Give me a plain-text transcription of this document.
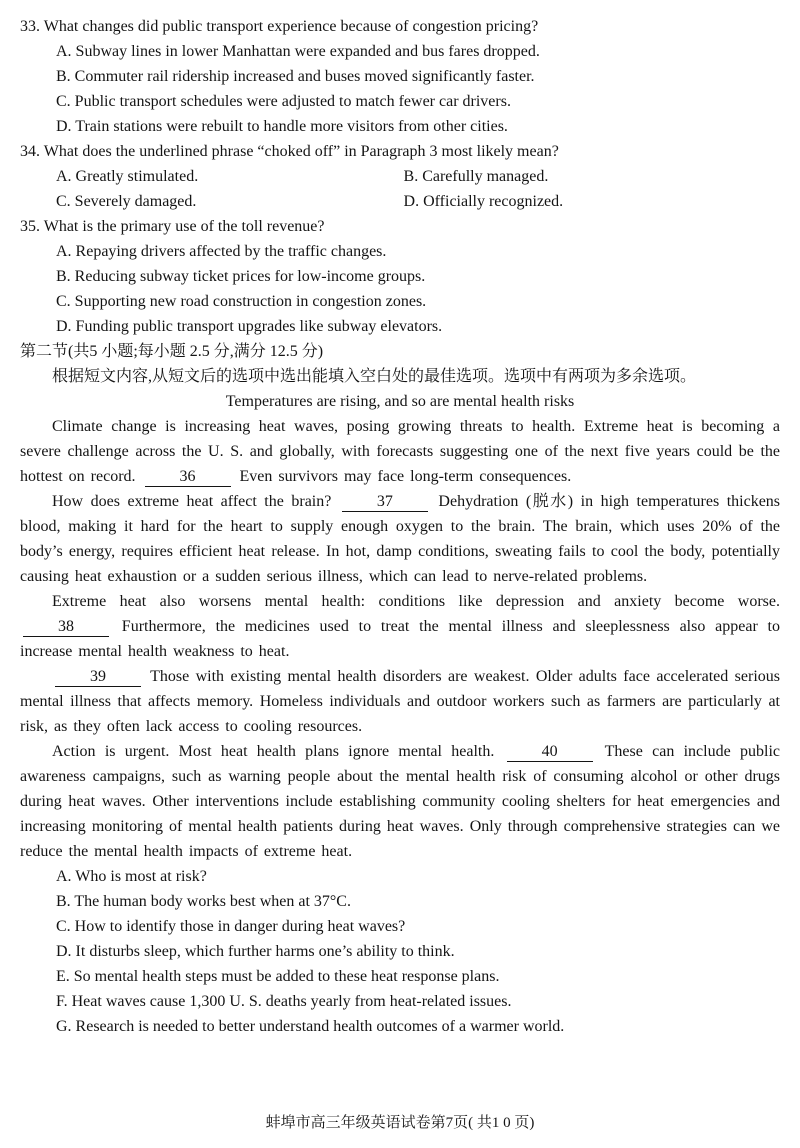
33. What changes did public transport experience because of congestion pricing?
A. Subway lines in lower Manhattan were expanded and bus fares dropped.
B. Commuter rail ridership increased and buses moved significantly faster.
C. Public transport schedules were adjusted to match fewer car drivers.
D. Train stations were rebuilt to handle more visitors from other cities.
34. What does the underlined phrase “choked off” in Paragraph 3 most likely mean?
A. Greatly stimulated.	B. Carefully managed.
C. Severely damaged.	D. Officially recognized.
35. What is the primary use of the toll revenue?
A. Repaying drivers affected by the traffic changes.
B. Reducing subway ticket prices for low-income groups.
C. Supporting new road construction in congestion zones.
D. Funding public transport upgrades like subway elevators.
第二节(共5 小题;每小题 2.5 分,满分 12.5 分)
根据短文内容,从短文后的选项中选出能填入空白处的最佳选项。选项中有两项为多余选项。
Temperatures are rising, and so are mental health risks

Climate change is increasing heat waves, posing growing threats to health. Extreme heat is becoming a severe challenge across the U. S. and globally, with forecasts suggesting one of the next five years could be the hottest on record.	36	Even survivors may face long-term consequences.

How does extreme heat affect the brain?	37	Dehydration (脱水) in high temperatures thickens blood, making it hard for the heart to supply enough oxygen to the brain. The brain, which uses 20% of the body’s energy, requires efficient heat release. In hot, damp conditions, sweating fails to cool the body, potentially causing heat exhaustion or a sudden serious illness, which can lead to nerve-related problems.

Extreme heat also worsens mental health: conditions like depression and anxiety become worse. 38	Furthermore, the medicines used to treat the mental illness and sleeplessness also appear to increase mental health weakness to heat.

39	Those with existing mental health disorders are weakest. Older adults face accelerated serious mental illness that affects memory. Homeless individuals and outdoor workers such as farmers are particularly at risk, as they often lack access to cooling resources.

Action is urgent. Most heat health plans ignore mental health.	40	These can include public awareness campaigns, such as warning people about the mental health risk of consuming alcohol or other drugs during heat waves. Other interventions include establishing community cooling shelters for heat emergencies and increasing monitoring of mental health patients during heat waves. Only through comprehensive strategies can we reduce the mental health impacts of extreme heat.

A. Who is most at risk?
B. The human body works best when at 37°C.
C. How to identify those in danger during heat waves?
D. It disturbs sleep, which further harms one’s ability to think.
E. So mental health steps must be added to these heat response plans.
F. Heat waves cause 1,300 U. S. deaths yearly from heat-related issues.
G. Research is needed to better understand health outcomes of a warmer world.
蚌埠市高三年级英语试卷第7页( 共1 0 页)
